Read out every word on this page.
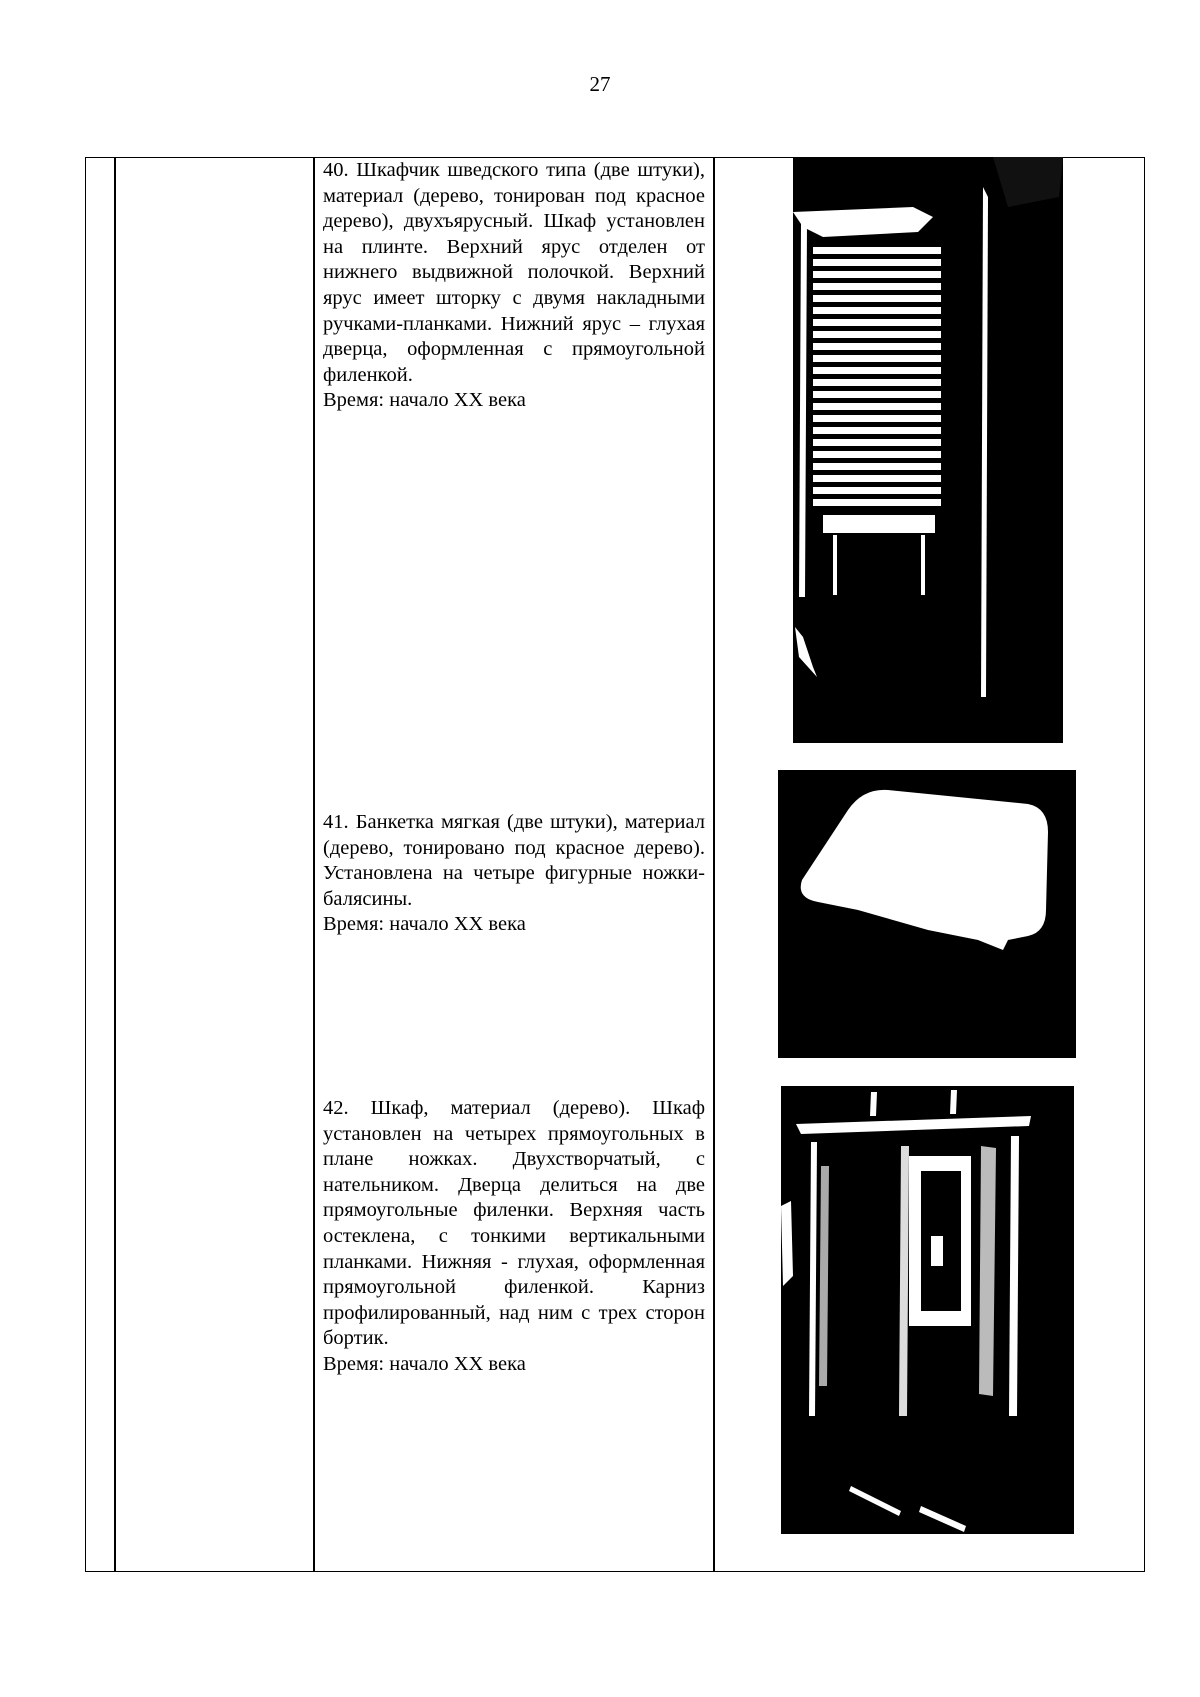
27
40. Шкафчик шведского типа (две штуки), материал (дерево, тонирован под красное дерево), двухъярусный. Шкаф установлен на плинте. Верхний ярус отделен от нижнего выдвижной полочкой. Верхний ярус имеет шторку с двумя накладными ручками-планками. Нижний ярус – глухая дверца, оформленная с прямоугольной филенкой.
Время: начало XX века
41. Банкетка мягкая (две штуки), материал (дерево, тонировано под красное дерево). Установлена на четыре фигурные ножки-балясины.
Время: начало XX века
42. Шкаф, материал (дерево). Шкаф установлен на четырех прямоугольных в плане ножках. Двухстворчатый, с нательником. Дверца делиться на две прямоугольные филенки. Верхняя часть остеклена, с тонкими вертикальными планками. Нижняя - глухая, оформленная прямоугольной филенкой. Карниз профилированный, над ним с трех сторон бортик.
Время: начало XX века
